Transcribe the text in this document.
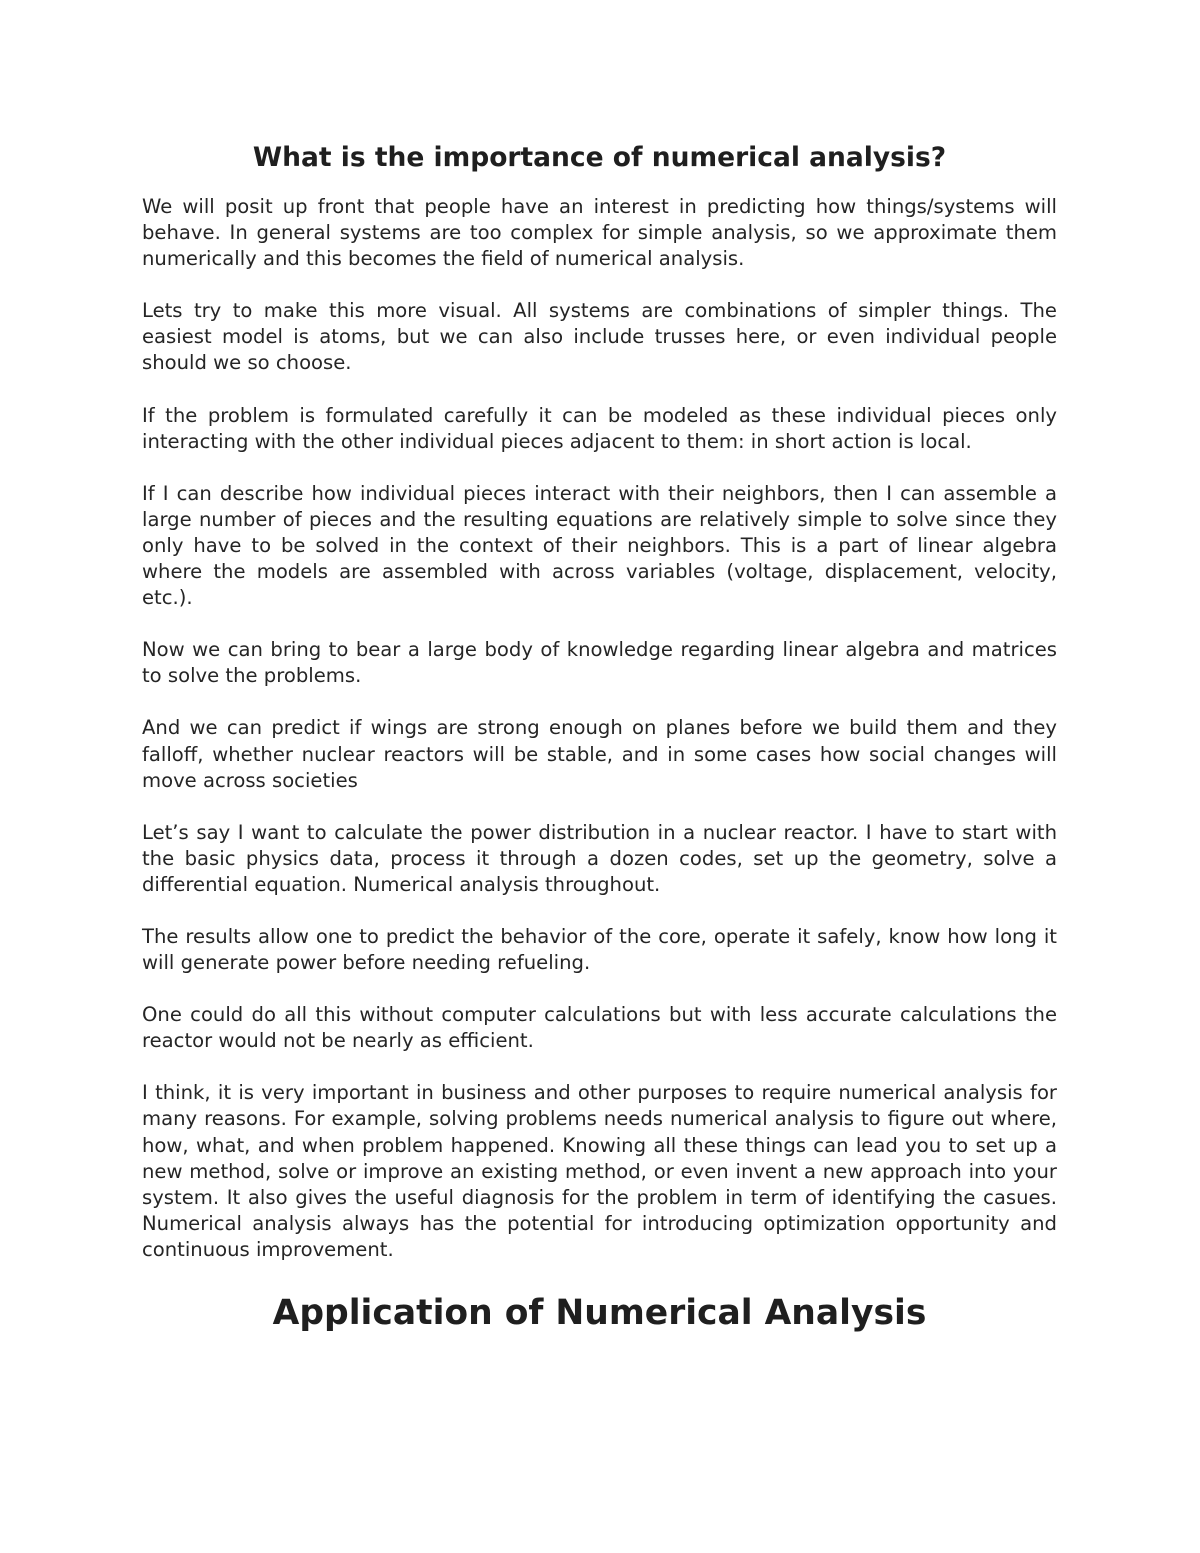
What is the importance of numerical analysis?

We will posit up front that people have an interest in predicting how things/systems will behave. In general systems are too complex for simple analysis, so we approximate them numerically and this becomes the field of numerical analysis.

Lets try to make this more visual. All systems are combinations of simpler things. The easiest model is atoms, but we can also include trusses here, or even individual people should we so choose.

If the problem is formulated carefully it can be modeled as these individual pieces only interacting with the other individual pieces adjacent to them: in short action is local.

If I can describe how individual pieces interact with their neighbors, then I can assemble a large number of pieces and the resulting equations are relatively simple to solve since they only have to be solved in the context of their neighbors. This is a part of linear algebra where the models are assembled with across variables (voltage, displacement, velocity, etc.).

Now we can bring to bear a large body of knowledge regarding linear algebra and matrices to solve the problems.

And we can predict if wings are strong enough on planes before we build them and they falloff, whether nuclear reactors will be stable, and in some cases how social changes will move across societies

Let’s say I want to calculate the power distribution in a nuclear reactor. I have to start with the basic physics data, process it through a dozen codes, set up the geometry, solve a differential equation. Numerical analysis throughout.

The results allow one to predict the behavior of the core, operate it safely, know how long it will generate power before needing refueling.

One could do all this without computer calculations but with less accurate calculations the reactor would not be nearly as efficient.

I think, it is very important in business and other purposes to require numerical analysis for many reasons. For example, solving problems needs numerical analysis to figure out where, how, what, and when problem happened. Knowing all these things can lead you to set up a new method, solve or improve an existing method, or even invent a new approach into your system. It also gives the useful diagnosis for the problem in term of identifying the casues. Numerical analysis always has the potential for introducing optimization opportunity and continuous improvement.

Application of Numerical Analysis
